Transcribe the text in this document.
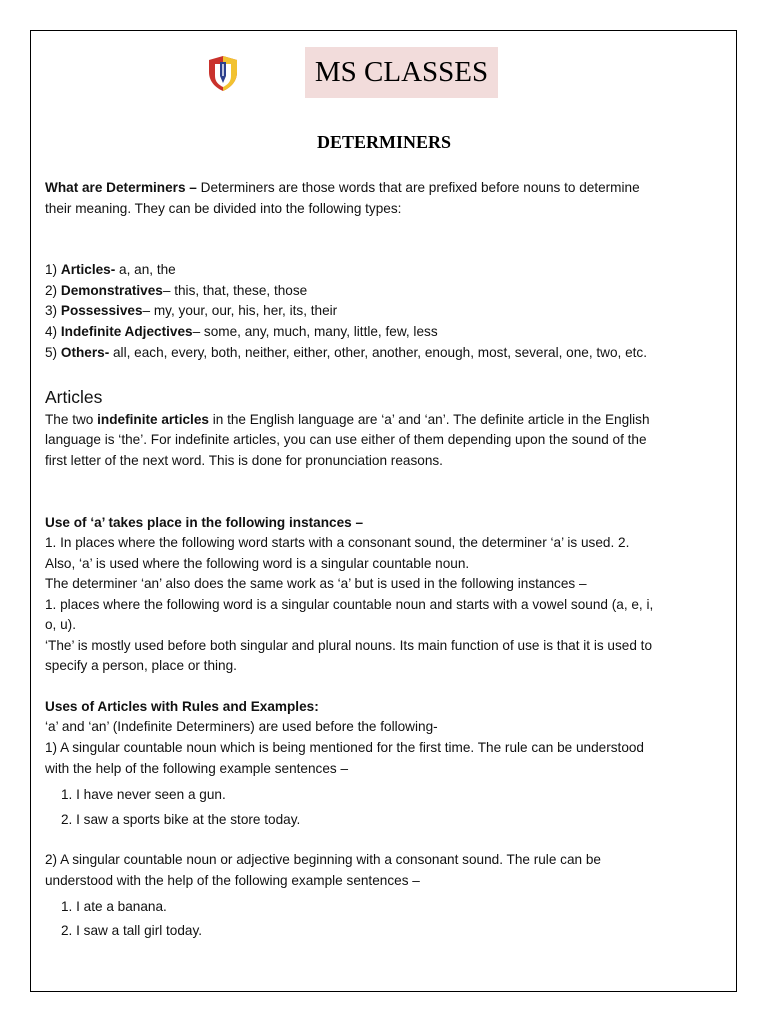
MS CLASSES
DETERMINERS
What are Determiners – Determiners are those words that are prefixed before nouns to determine
their meaning. They can be divided into the following types:
1) Articles- a, an, the
2) Demonstratives– this, that, these, those
3) Possessives– my, your, our, his, her, its, their
4) Indefinite Adjectives– some, any, much, many, little, few, less
5) Others- all, each, every, both, neither, either, other, another, enough, most, several, one, two, etc.
Articles
The two indefinite articles in the English language are ‘a’ and ‘an’. The definite article in the English
language is ‘the’. For indefinite articles, you can use either of them depending upon the sound of the
first letter of the next word. This is done for pronunciation reasons.
Use of ‘a’ takes place in the following instances –
1. In places where the following word starts with a consonant sound, the determiner ‘a’ is used. 2.
Also, ‘a’ is used where the following word is a singular countable noun.
The determiner ‘an’ also does the same work as ‘a’ but is used in the following instances –
1. places where the following word is a singular countable noun and starts with a vowel sound (a, e, i,
o, u).
‘The’ is mostly used before both singular and plural nouns. Its main function of use is that it is used to
specify a person, place or thing.
Uses of Articles with Rules and Examples:
‘a’ and ‘an’ (Indefinite Determiners) are used before the following-
1) A singular countable noun which is being mentioned for the first time. The rule can be understood
with the help of the following example sentences –
1. I have never seen a gun.
2. I saw a sports bike at the store today.
2) A singular countable noun or adjective beginning with a consonant sound. The rule can be
understood with the help of the following example sentences –
1. I ate a banana.
2. I saw a tall girl today.
